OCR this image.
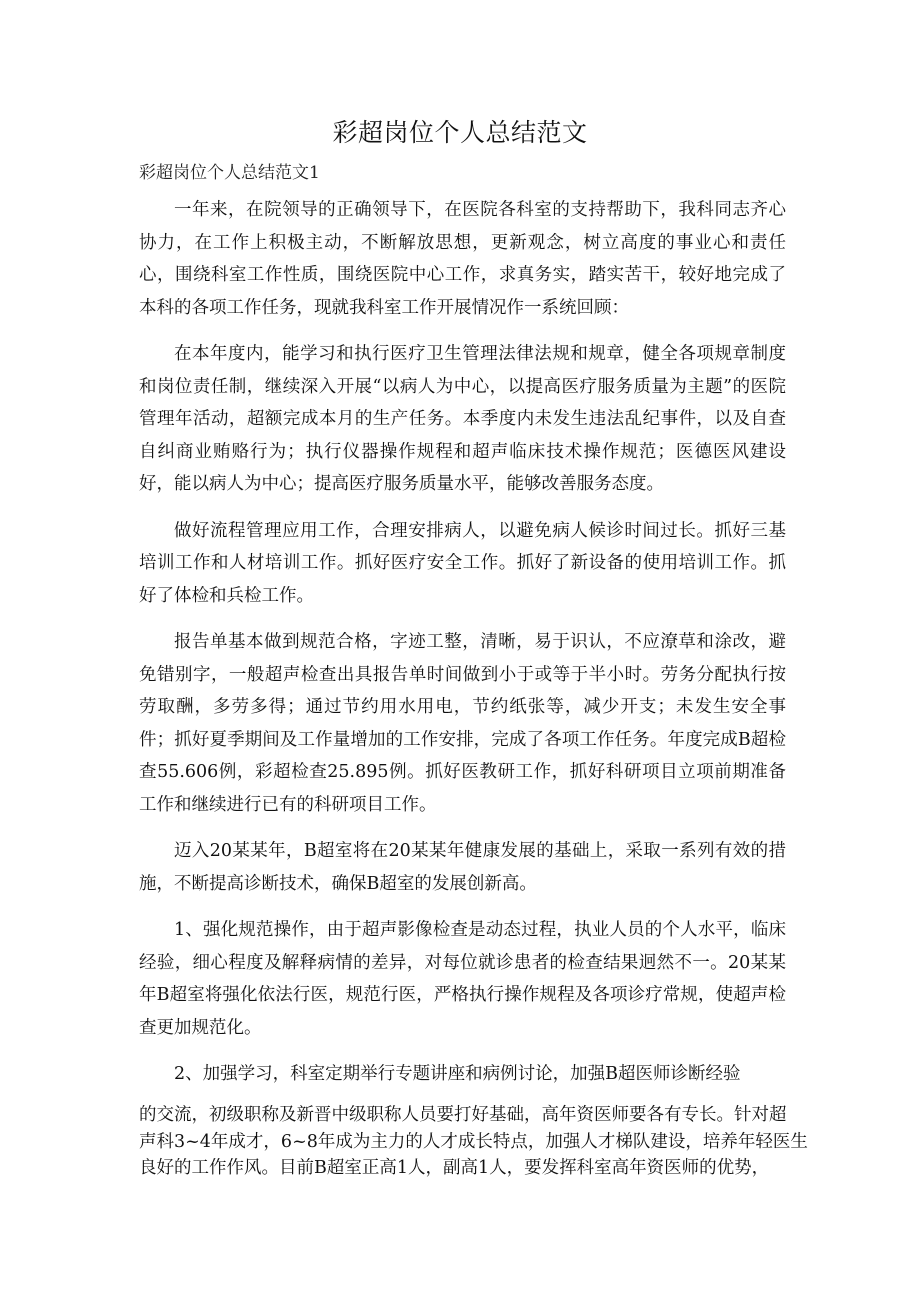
彩超岗位个人总结范文
彩超岗位个人总结范文1

一年来，在院领导的正确领导下，在医院各科室的支持帮助下，我科同志齐心协力，在工作上积极主动，不断解放思想，更新观念，树立高度的事业心和责任心，围绕科室工作性质，围绕医院中心工作，求真务实，踏实苦干，较好地完成了本科的各项工作任务，现就我科室工作开展情况作一系统回顾：

在本年度内，能学习和执行医疗卫生管理法律法规和规章，健全各项规章制度和岗位责任制，继续深入开展“以病人为中心，以提高医疗服务质量为主题”的医院管理年活动，超额完成本月的生产任务。本季度内未发生违法乱纪事件，以及自查自纠商业贿赂行为；执行仪器操作规程和超声临床技术操作规范；医德医风建设好，能以病人为中心；提高医疗服务质量水平，能够改善服务态度。

做好流程管理应用工作，合理安排病人，以避免病人候诊时间过长。抓好三基培训工作和人材培训工作。抓好医疗安全工作。抓好了新设备的使用培训工作。抓好了体检和兵检工作。

报告单基本做到规范合格，字迹工整，清晰，易于识认，不应潦草和涂改，避免错别字，一般超声检查出具报告单时间做到小于或等于半小时。劳务分配执行按劳取酬，多劳多得；通过节约用水用电，节约纸张等，减少开支；未发生安全事件；抓好夏季期间及工作量增加的工作安排，完成了各项工作任务。年度完成B超检查55.606例，彩超检查25.895例。抓好医教研工作，抓好科研项目立项前期准备工作和继续进行已有的科研项目工作。

迈入20某某年，B超室将在20某某年健康发展的基础上，采取一系列有效的措施，不断提高诊断技术，确保B超室的发展创新高。

1、强化规范操作，由于超声影像检查是动态过程，执业人员的个人水平，临床经验，细心程度及解释病情的差异，对每位就诊患者的检查结果迥然不一。20某某年B超室将强化依法行医，规范行医，严格执行操作规程及各项诊疗常规，使超声检查更加规范化。

2、加强学习，科室定期举行专题讲座和病例讨论，加强B超医师诊断经验

的交流，初级职称及新晋中级职称人员要打好基础，高年资医师要各有专长。针对超

声科3~4年成才，6~8年成为主力的人才成长特点，加强人才梯队建设，培养年轻医生

良好的工作作风。目前B超室正高1人，副高1人，要发挥科室高年资医师的优势，
